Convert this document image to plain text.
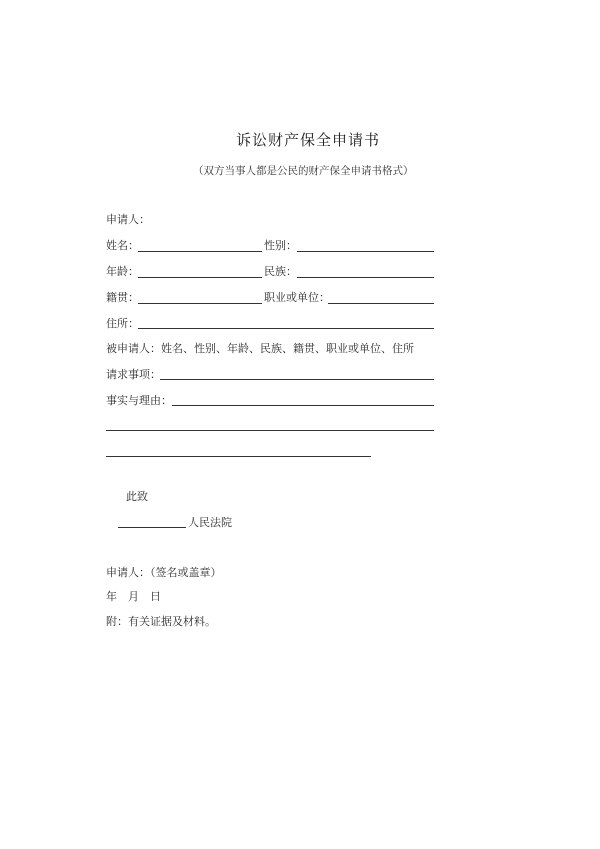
诉讼财产保全申请书
（双方当事人都是公民的财产保全申请书格式）
申请人：
姓名：	性别：
年龄：	民族：
籍贯：	职业或单位：
住所：
被申请人：姓名、性别、年龄、民族、籍贯、职业或单位、住所
请求事项：
事实与理由：
此致
人民法院
申请人：（签名或盖章）
年　月　日
附：有关证据及材料。
